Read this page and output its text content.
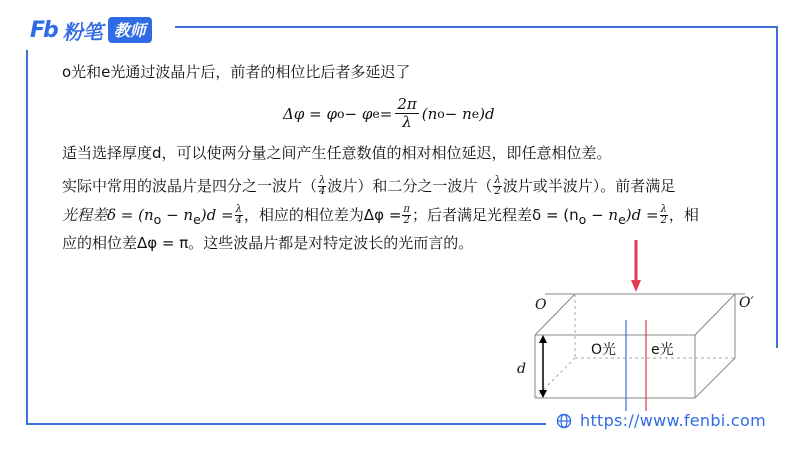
Fb 粉笔 教师
o光和e光通过波晶片后，前者的相位比后者多延迟了
Δφ = φ o − φ $e = \frac{2\pi}{\lambda} (n$ o − n e )d
适当选择厚度d，可以使两分量之间产生任意数值的相对相位延迟，即任意相位差。
实际中常用的波晶片是四分之一波片（ $\frac{\lambda}{4}$ 波片）和二分之一波片（ $\frac{\lambda}{2}$ 波片或半波片）。前者满足
光程差$\delta = (n_o - n_e)d = \frac{\lambda}{4}$ ，相应的相位差为$\Delta\varphi = \frac{\pi}{2}$ ；后者满足光程差$\delta = (n_o - n_e)d = \frac{\lambda}{2}$ ，相
应的相位差Δφ = π。这些波晶片都是对特定波长的光而言的。
O	O′
d
O光 e光
https://www.fenbi.com
